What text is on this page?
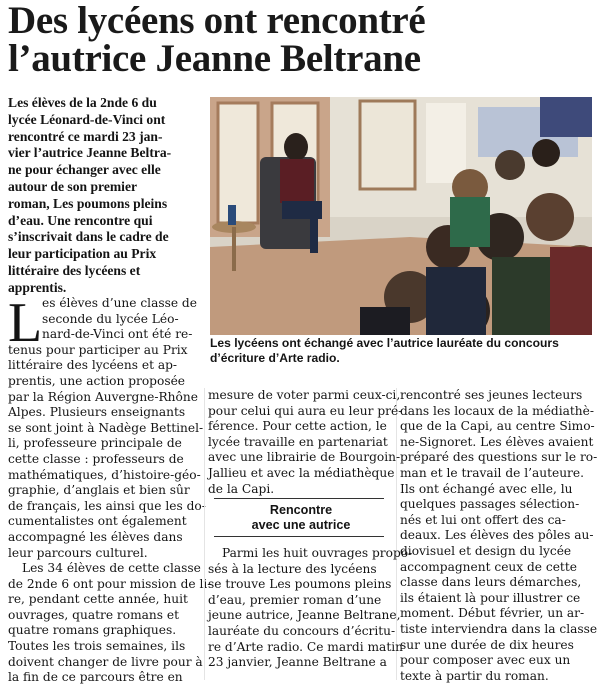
Des lycéens ont rencontré
l’autrice Jeanne Beltrane
Les élèves de la 2nde 6 du
lycée Léonard-de-Vinci ont
rencontré ce mardi 23 jan-
vier l’autrice Jeanne Beltra-
ne pour échanger avec elle
autour de son premier
roman, Les poumons pleins
d’eau. Une rencontre qui
s’inscrivait dans le cadre de
leur participation au Prix
littéraire des lycéens et
apprentis.
Les lycéens ont échangé avec l’autrice lauréate du concours
d’écriture d’Arte radio.
L es élèves d’une classe de
seconde du lycée Léo-
nard-de-Vinci ont été re-
tenus pour participer au Prix
littéraire des lycéens et ap-
prentis, une action proposée
par la Région Auvergne-Rhône
Alpes. Plusieurs enseignants
se sont joint à Nadège Bettinel-
li, professeure principale de
cette classe : professeurs de
mathématiques, d’histoire-géo-
graphie, d’anglais et bien sûr
de français, les ainsi que les do-
cumentalistes ont également
accompagné les élèves dans
leur parcours culturel.
Les 34 élèves de cette classe
de 2nde 6 ont pour mission de li-
re, pendant cette année, huit
ouvrages, quatre romans et
quatre romans graphiques.
Toutes les trois semaines, ils
doivent changer de livre pour à
la fin de ce parcours être en
mesure de voter parmi ceux-ci,
pour celui qui aura eu leur pré-
férence. Pour cette action, le
lycée travaille en partenariat
avec une librairie de Bourgoin-
Jallieu et avec la médiathèque
de la Capi.
Rencontre
avec une autrice
Parmi les huit ouvrages propo-
sés à la lecture des lycéens
se trouve Les poumons pleins
d’eau, premier roman d’une
jeune autrice, Jeanne Beltrane,
lauréate du concours d’écritu-
re d’Arte radio. Ce mardi matin
23 janvier, Jeanne Beltrane a
rencontré ses jeunes lecteurs
dans les locaux de la médiathè-
que de la Capi, au centre Simo-
ne-Signoret. Les élèves avaient
préparé des questions sur le ro-
man et le travail de l’auteure.
Ils ont échangé avec elle, lu
quelques passages sélection-
nés et lui ont offert des ca-
deaux. Les élèves des pôles au-
diovisuel et design du lycée
accompagnent ceux de cette
classe dans leurs démarches,
ils étaient là pour illustrer ce
moment. Début février, un ar-
tiste interviendra dans la classe
sur une durée de dix heures
pour composer avec eux un
texte à partir du roman.
